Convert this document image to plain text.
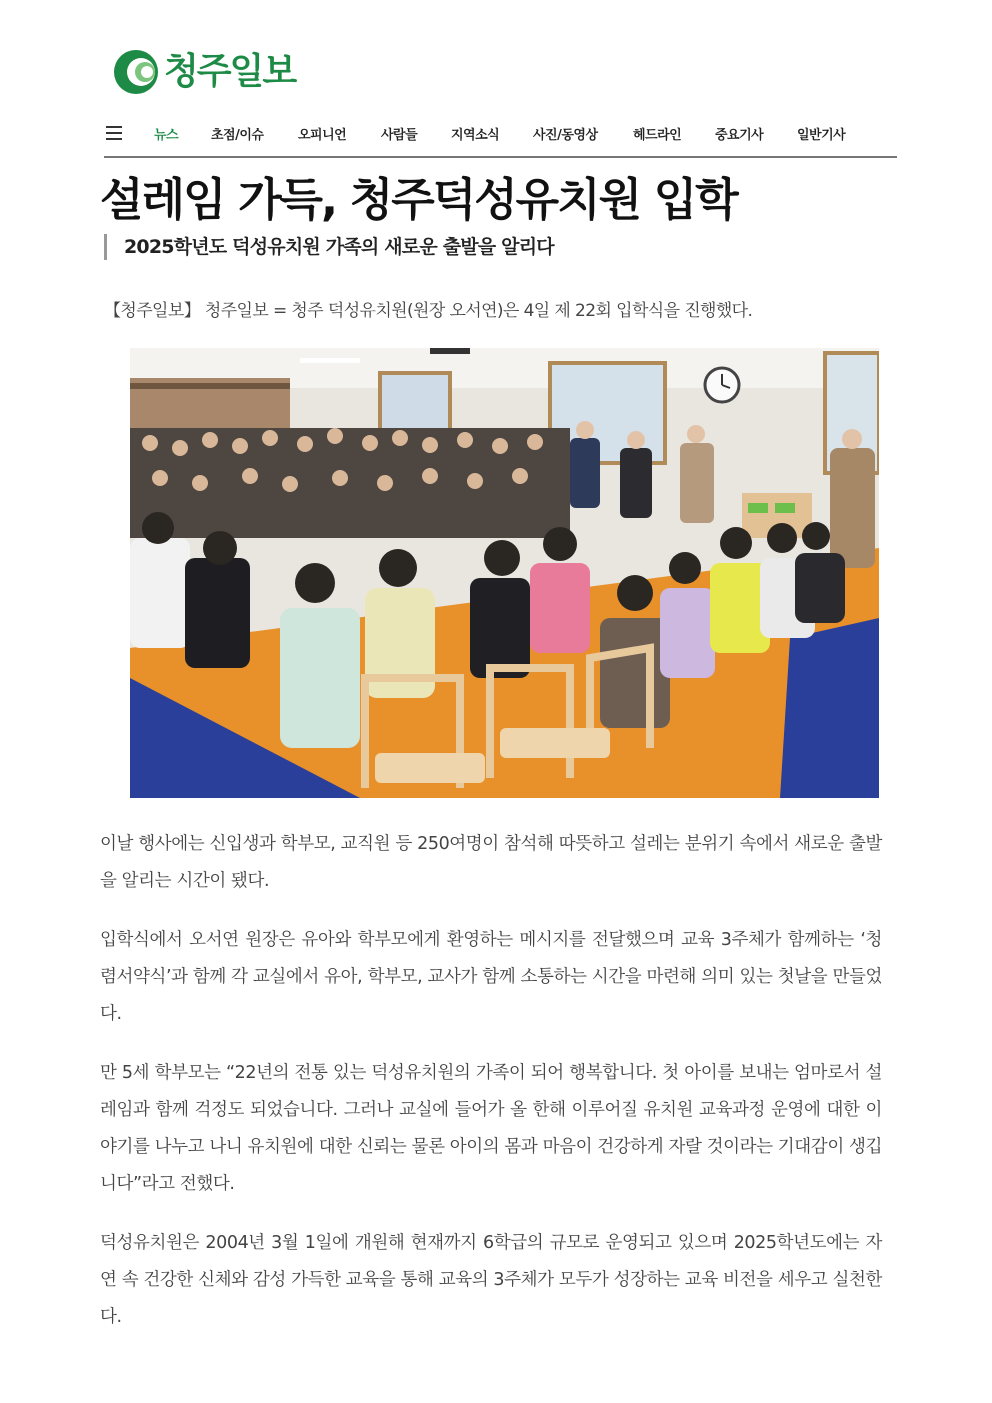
청주일보
뉴스	초점/이슈	오피니언	사람들	지역소식	사진/동영상	헤드라인	중요기사	일반기사
설레임 가득, 청주덕성유치원 입학
2025학년도 덕성유치원 가족의 새로운 출발을 알리다
【청주일보】 청주일보 = 청주 덕성유치원(원장 오서연)은 4일 제 22회 입학식을 진행했다.

이날 행사에는 신입생과 학부모, 교직원 등 250여명이 참석해 따뜻하고 설레는 분위기 속에서 새로운 출발을 알리는 시간이 됐다.

입학식에서 오서연 원장은 유아와 학부모에게 환영하는 메시지를 전달했으며 교육 3주체가 함께하는 ‘청렴서약식’과 함께 각 교실에서 유아, 학부모, 교사가 함께 소통하는 시간을 마련해 의미 있는 첫날을 만들었다.

만 5세 학부모는 “22년의 전통 있는 덕성유치원의 가족이 되어 행복합니다. 첫 아이를 보내는 엄마로서 설레임과 함께 걱정도 되었습니다. 그러나 교실에 들어가 올 한해 이루어질 유치원 교육과정 운영에 대한 이야기를 나누고 나니 유치원에 대한 신뢰는 물론 아이의 몸과 마음이 건강하게 자랄 것이라는 기대감이 생깁니다”라고 전했다.

덕성유치원은 2004년 3월 1일에 개원해 현재까지 6학급의 규모로 운영되고 있으며 2025학년도에는 자연 속 건강한 신체와 감성 가득한 교육을 통해 교육의 3주체가 모두가 성장하는 교육 비전을 세우고 실천한다.
